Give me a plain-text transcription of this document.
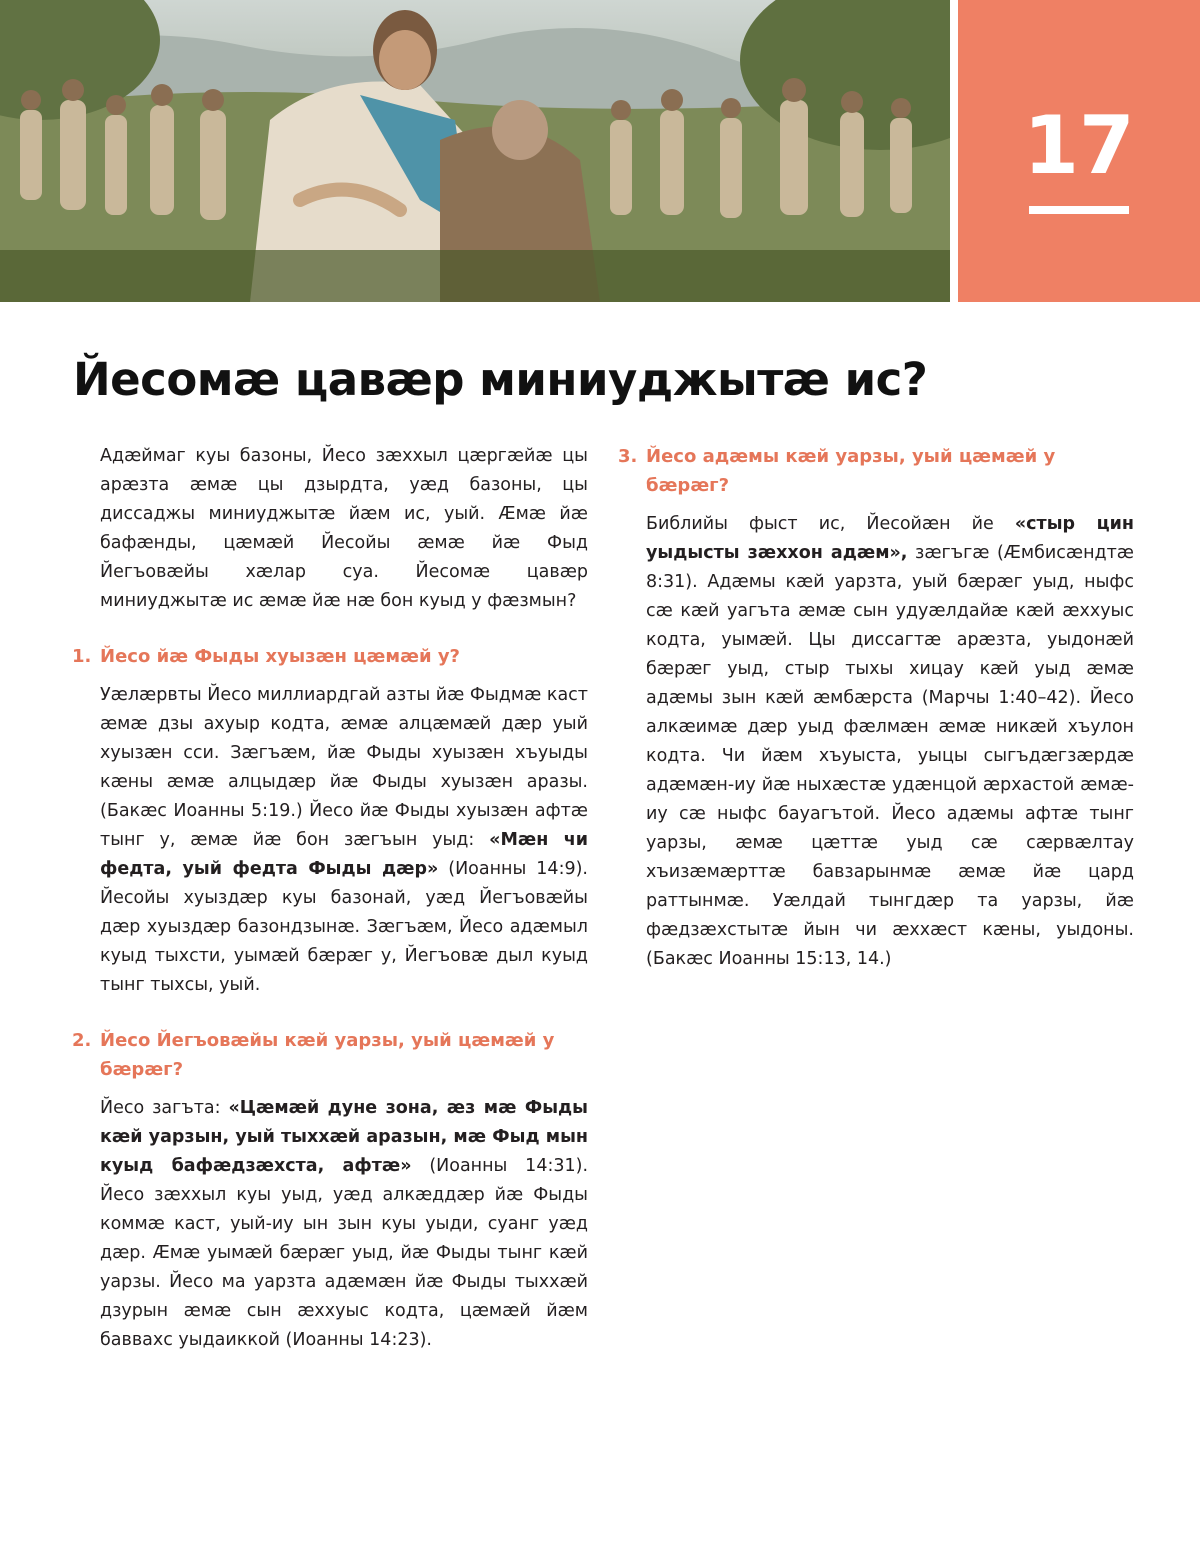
17
Йесомæ цавæр миниуджытæ ис?

Адæймаг куы базоны, Йесо зæххыл цæргæйæ цы арæзта æмæ цы дзырдта, уæд базоны, цы диссаджы миниуджытæ йæм ис, уый. Æмæ йæ бафæнды, цæмæй Йесойы æмæ йæ Фыд Йегъовæйы хæлар суа. Йесомæ цавæр миниуджытæ ис æмæ йæ нæ бон куыд у фæзмын?

1. Йесо йæ Фыды хуызæн цæмæй у?

Уæлæрвты Йесо миллиардгай азты йæ Фыдмæ каст æмæ дзы ахуыр кодта, æмæ алцæмæй дæр уый хуызæн сси. Зæгъæм, йæ Фыды хуызæн хъуыды кæны æмæ алцыдæр йæ Фыды хуызæн аразы. (Бакæс Иоанны 5:19.) Йесо йæ Фыды хуызæн афтæ тынг у, æмæ йæ бон зæгъын уыд: «Мæн чи федта, уый федта Фыды дæр» (Иоанны 14:9). Йесойы хуыздæр куы базонай, уæд Йегъовæйы дæр хуыздæр базондзынæ. Зæгъæм, Йесо адæмыл куыд тыхсти, уымæй бæрæг у, Йегъовæ дыл куыд тынг тыхсы, уый.

2. Йесо Йегъовæйы кæй уарзы, уый цæмæй у бæрæг?

Йесо загъта: «Цæмæй дуне зона, æз мæ Фыды кæй уарзын, уый тыххæй аразын, мæ Фыд мын куыд бафæдзæхста, афтæ» (Иоанны 14:31). Йесо зæххыл куы уыд, уæд алкæддæр йæ Фыды коммæ каст, уый-иу ын зын куы уыди, суанг уæд дæр. Æмæ уымæй бæрæг уыд, йæ Фыды тынг кæй уарзы. Йесо ма уарзта адæмæн йæ Фыды тыххæй дзурын æмæ сын æххуыс кодта, цæмæй йæм баввахс уыдаиккой (Иоанны 14:23).

3. Йесо адæмы кæй уарзы, уый цæмæй у бæрæг?

Библийы фыст ис, Йесойæн йе «стыр цин уыдысты зæххон адæм», зæгъгæ (Æмбисæндтæ 8:31). Адæмы кæй уарзта, уый бæрæг уыд, ныфс сæ кæй уагъта æмæ сын удуæлдайæ кæй æххуыс кодта, уымæй. Цы диссагтæ арæзта, уыдонæй бæрæг уыд, стыр тыхы хицау кæй уыд æмæ адæмы зын кæй æмбæрста (Марчы 1:40–42). Йесо алкæимæ дæр уыд фæлмæн æмæ никæй хъулон кодта. Чи йæм хъуыста, уыцы сыгъдæгзæрдæ адæмæн-иу йæ ныхæстæ удæнцой æрхастой æмæ-иу сæ ныфс бауагътой. Йесо адæмы афтæ тынг уарзы, æмæ цæттæ уыд сæ сæрвæлтау хъизæмæрттæ бавзарынмæ æмæ йæ цард раттынмæ. Уæлдай тынгдæр та уарзы, йæ фæдзæхстытæ йын чи æххæст кæны, уыдоны. (Бакæс Иоанны 15:13, 14.)
